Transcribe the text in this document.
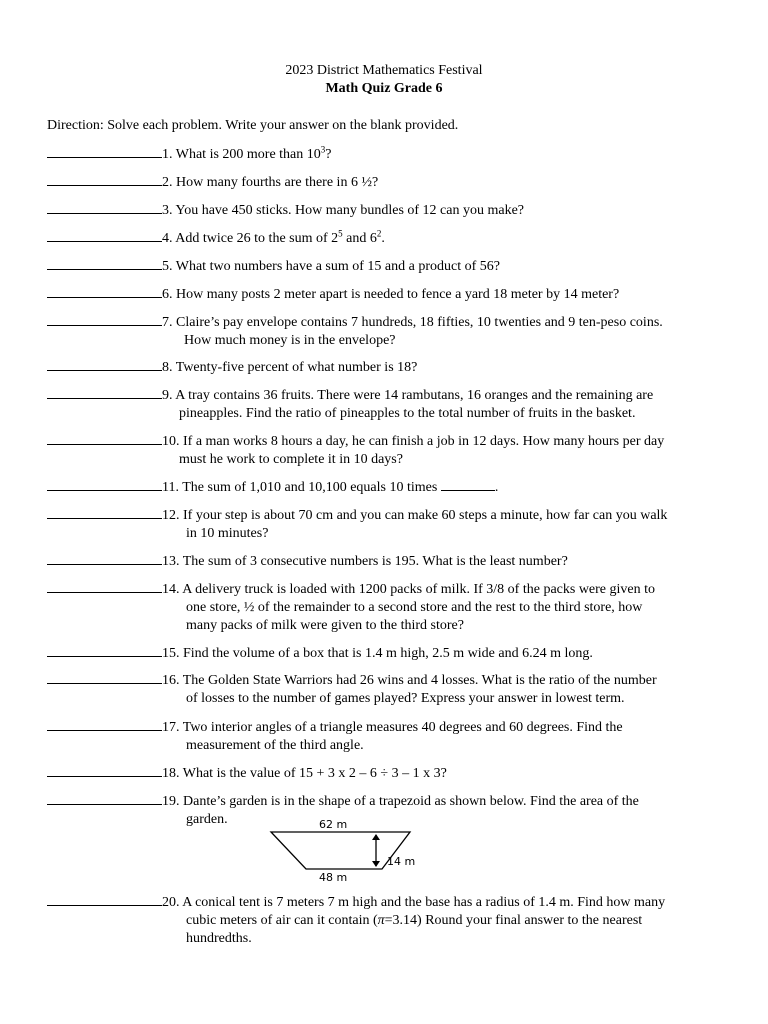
2023 District Mathematics Festival
Math Quiz Grade 6
Direction: Solve each problem. Write your answer on the blank provided.
1. What is 200 more than $10^3$?
2. How many fourths are there in 6 ½?
3. You have 450 sticks. How many bundles of 12 can you make?
4. Add twice 26 to the sum of $2^5$ and $6^2$.
5. What two numbers have a sum of 15 and a product of 56?
6. How many posts 2 meter apart is needed to fence a yard 18 meter by 14 meter?
7. Claire’s pay envelope contains 7 hundreds, 18 fifties, 10 twenties and 9 ten-peso coins.
How much money is in the envelope?
8. Twenty-five percent of what number is 18?
9. A tray contains 36 fruits. There were 14 rambutans, 16 oranges and the remaining are
pineapples. Find the ratio of pineapples to the total number of fruits in the basket.
10. If a man works 8 hours a day, he can finish a job in 12 days. How many hours per day
must he work to complete it in 10 days?
11. The sum of 1,010 and 10,100 equals 10 times	.
12. If your step is about 70 cm and you can make 60 steps a minute, how far can you walk
in 10 minutes?
13. The sum of 3 consecutive numbers is 195. What is the least number?
14. A delivery truck is loaded with 1200 packs of milk. If 3/8 of the packs were given to
one store, ½ of the remainder to a second store and the rest to the third store, how
many packs of milk were given to the third store?
15. Find the volume of a box that is 1.4 m high, 2.5 m wide and 6.24 m long.
16. The Golden State Warriors had 26 wins and 4 losses. What is the ratio of the number
of losses to the number of games played? Express your answer in lowest term.
17. Two interior angles of a triangle measures 40 degrees and 60 degrees. Find the
measurement of the third angle.
18. What is the value of 15 + 3 x 2 – 6 ÷ 3 – 1 x 3?
19. Dante’s garden is in the shape of a trapezoid as shown below. Find the area of the
garden.	62 m
14 m
48 m
20. A conical tent is 7 meters 7 m high and the base has a radius of 1.4 m. Find how many
cubic meters of air can it contain (π=3.14) Round your final answer to the nearest
hundredths.
